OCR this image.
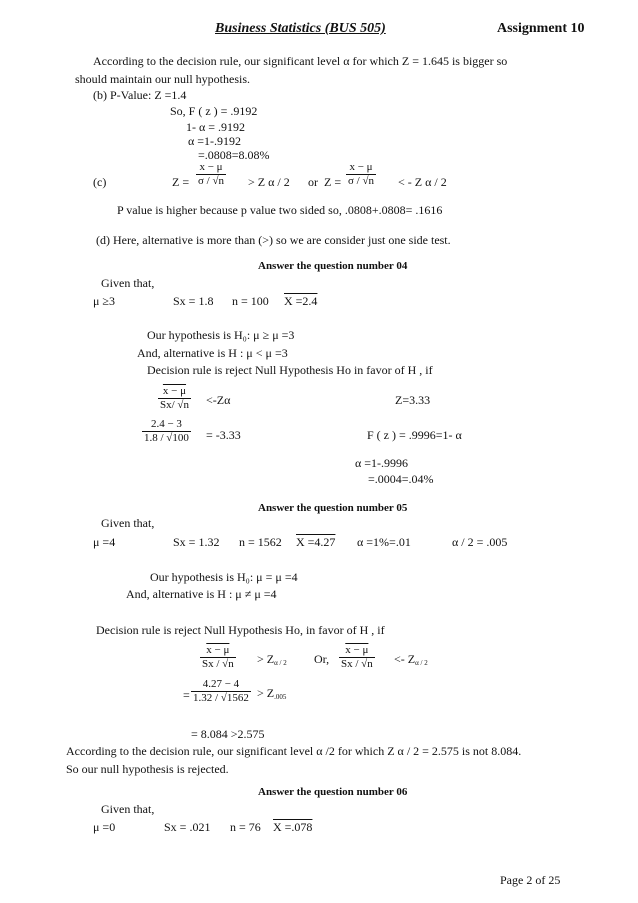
Business Statistics (BUS 505)	Assignment 10
According to the decision rule, our significant level α for which Z = 1.645 is bigger so
should maintain our null hypothesis.
(b) P-Value: Z =1.4
So, F ( z ) = .9192
1- α = .9192
α =1-.9192
=.0808=8.08%
(c)	$Z = \frac{x - \mu}{\sigma / √n} > Z$ α / 2 or $Z = \frac{x - \mu}{\sigma / √n}$ < - Z α / 2
P value is higher because p value two sided so, .0808+.0808= .1616
(d) Here, alternative is more than (>) so we are consider just one side test.
Answer the question number 04
Given that,
μ ≥3	Sx = 1.8 n = 100 X =2.4
Our hypothesis is H₀: μ ≥ μ =3
And, alternative is H : μ < μ =3
Decision rule is reject Null Hypothesis Ho in favor of H , if
$\frac{x - \mu}{Sx/ √n} <-Z\alpha$	Z=3.33
$\frac{2.4 - 3}{1.8 / √100} = -3.33$	F ( z ) = .9996=1- α
α =1-.9996
=.0004=.04%
Answer the question number 05
Given that,
μ =4	Sx = 1.32 n = 1562 X =4.27 α =1%=.01	α / 2 = .005
Our hypothesis is H₀: μ = μ =4
And, alternative is H : μ ≠ μ =4
Decision rule is reject Null Hypothesis Ho, in favor of H , if
$\frac{x - \mu}{Sx / √n} > Z_{\alpha / 2}$ Or, $\frac{x - \mu}{Sx / √n} <- Z_{\alpha / 2}$
= $\frac{4.27 - 4}{1.32 / √1562} > Z_{.005}$
= 8.084 >2.575
According to the decision rule, our significant level α /2 for which Z α / 2 = 2.575 is not 8.084.
So our null hypothesis is rejected.
Answer the question number 06
Given that,
μ =0	Sx = .021 n = 76 X =.078
Page 2 of 25
